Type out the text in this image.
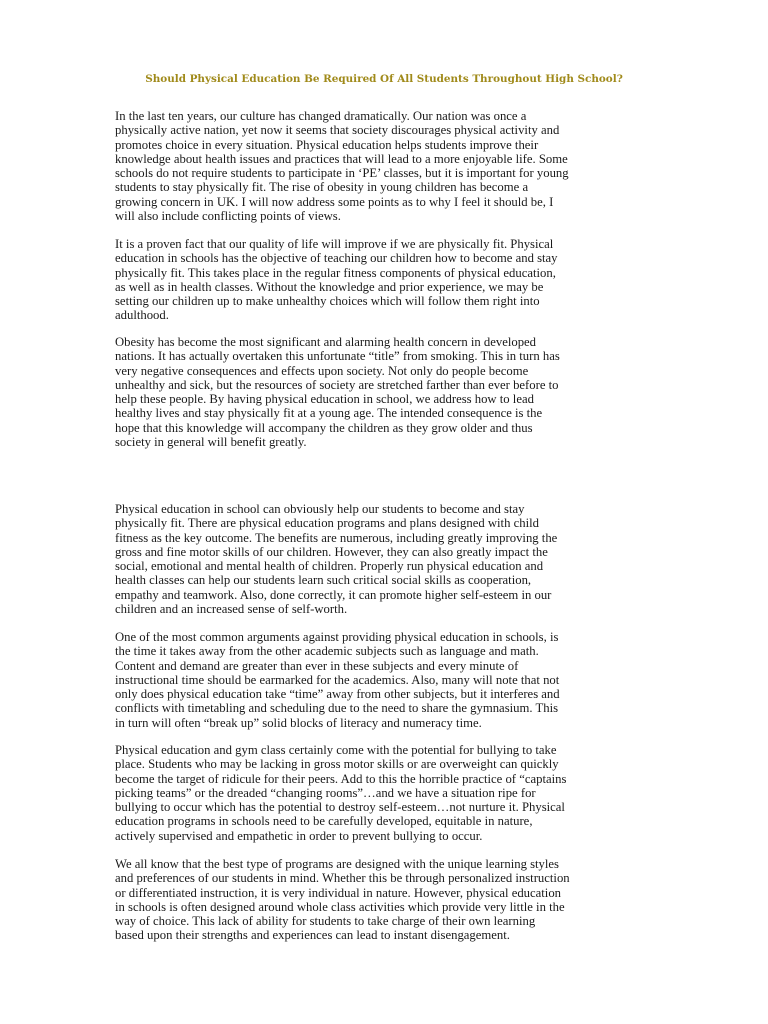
Should Physical Education Be Required Of All Students Throughout High School?

In the last ten years, our culture has changed dramatically. Our nation was once a
physically active nation, yet now it seems that society discourages physical activity and
promotes choice in every situation. Physical education helps students improve their
knowledge about health issues and practices that will lead to a more enjoyable life. Some
schools do not require students to participate in ‘PE’ classes, but it is important for young
students to stay physically fit. The rise of obesity in young children has become a
growing concern in UK. I will now address some points as to why I feel it should be, I
will also include conflicting points of views.

It is a proven fact that our quality of life will improve if we are physically fit. Physical
education in schools has the objective of teaching our children how to become and stay
physically fit. This takes place in the regular fitness components of physical education,
as well as in health classes. Without the knowledge and prior experience, we may be
setting our children up to make unhealthy choices which will follow them right into
adulthood.

Obesity has become the most significant and alarming health concern in developed
nations. It has actually overtaken this unfortunate “title” from smoking. This in turn has
very negative consequences and effects upon society. Not only do people become
unhealthy and sick, but the resources of society are stretched farther than ever before to
help these people. By having physical education in school, we address how to lead
healthy lives and stay physically fit at a young age. The intended consequence is the
hope that this knowledge will accompany the children as they grow older and thus
society in general will benefit greatly.

Physical education in school can obviously help our students to become and stay
physically fit. There are physical education programs and plans designed with child
fitness as the key outcome. The benefits are numerous, including greatly improving the
gross and fine motor skills of our children. However, they can also greatly impact the
social, emotional and mental health of children. Properly run physical education and
health classes can help our students learn such critical social skills as cooperation,
empathy and teamwork. Also, done correctly, it can promote higher self-esteem in our
children and an increased sense of self-worth.

One of the most common arguments against providing physical education in schools, is
the time it takes away from the other academic subjects such as language and math.
Content and demand are greater than ever in these subjects and every minute of
instructional time should be earmarked for the academics. Also, many will note that not
only does physical education take “time” away from other subjects, but it interferes and
conflicts with timetabling and scheduling due to the need to share the gymnasium. This
in turn will often “break up” solid blocks of literacy and numeracy time.

Physical education and gym class certainly come with the potential for bullying to take
place. Students who may be lacking in gross motor skills or are overweight can quickly
become the target of ridicule for their peers. Add to this the horrible practice of “captains
picking teams” or the dreaded “changing rooms”…and we have a situation ripe for
bullying to occur which has the potential to destroy self-esteem…not nurture it. Physical
education programs in schools need to be carefully developed, equitable in nature,
actively supervised and empathetic in order to prevent bullying to occur.

We all know that the best type of programs are designed with the unique learning styles
and preferences of our students in mind. Whether this be through personalized instruction
or differentiated instruction, it is very individual in nature. However, physical education
in schools is often designed around whole class activities which provide very little in the
way of choice. This lack of ability for students to take charge of their own learning
based upon their strengths and experiences can lead to instant disengagement.
